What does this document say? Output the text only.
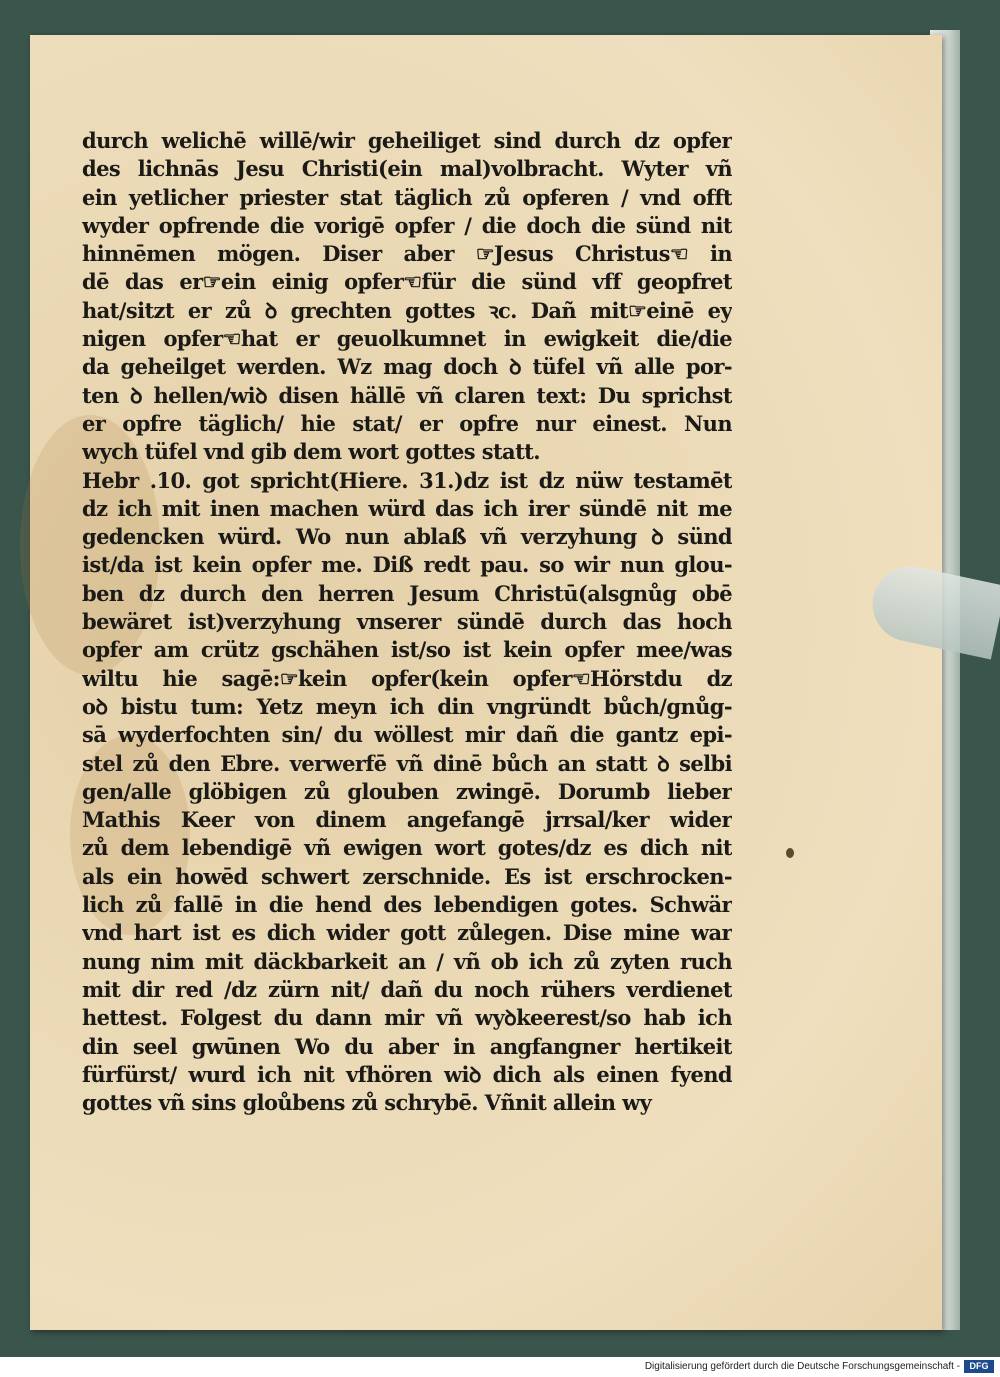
durch welichē willē/wir geheiliget sind durch dz opfer
des lichnās Jesu Christi(ein mal)volbracht. Wyter vñ
ein yetlicher priester stat täglich zů opferen / vnd offt
wyder opfrende die vorigē opfer / die doch die sünd nit
hinnēmen mögen. Diser aber ☞Jesus Christus☜ in
dē das er☞ein einig opfer☜für die sünd vff geopfret
hat/sitzt er zů ꝺ grechten gottes ꝛc. Dañ mit☞einē ey
nigen opfer☜hat er geuolkumnet in ewigkeit die/die
da geheilget werden. Wz mag doch ꝺ tüfel vñ alle por-
ten ꝺ hellen/wiꝺ disen hällē vñ claren text: Du sprichst
er opfre täglich/ hie stat/ er opfre nur einest. Nun
wych tüfel vnd gib dem wort gottes statt.
Hebr .10. got spricht(Hiere. 31.)dz ist dz nüw testamēt
dz ich mit inen machen würd das ich irer sündē nit me
gedencken würd. Wo nun ablaß vñ verzyhung ꝺ sünd
ist/da ist kein opfer me. Diß redt pau. so wir nun glou-
ben dz durch den herren Jesum Christū(alsgnůg obē
bewäret ist)verzyhung vnserer sündē durch das hoch
opfer am crütz gschähen ist/so ist kein opfer mee/was
wiltu hie sagē:☞kein opfer(kein opfer☜Hörstdu dz
oꝺ bistu tum: Yetz meyn ich din vngründt bůch/gnůg-
sā wyderfochten sin/ du wöllest mir dañ die gantz epi-
stel zů den Ebre. verwerfē vñ dinē bůch an statt ꝺ selbi
gen/alle glöbigen zů glouben zwingē. Dorumb lieber
Mathis Keer von dinem angefangē jrrsal/ker wider
zů dem lebendigē vñ ewigen wort gotes/dz es dich nit
als ein howēd schwert zerschnide. Es ist erschrocken-
lich zů fallē in die hend des lebendigen gotes. Schwär
vnd hart ist es dich wider gott zůlegen. Dise mine war
nung nim mit däckbarkeit an / vñ ob ich zů zyten ruch
mit dir red /dz zürn nit/ dañ du noch rühers verdienet
hettest. Folgest du dann mir vñ wyꝺkeerest/so hab ich
din seel gwūnen Wo du aber in angfangner hertikeit
fürfürst/ wurd ich nit vfhören wiꝺ dich als einen fyend
gottes vñ sins gloůbens zů schrybē. Vñnit allein wy
Digitalisierung gefördert durch die Deutsche Forschungsgemeinschaft -	DFG
